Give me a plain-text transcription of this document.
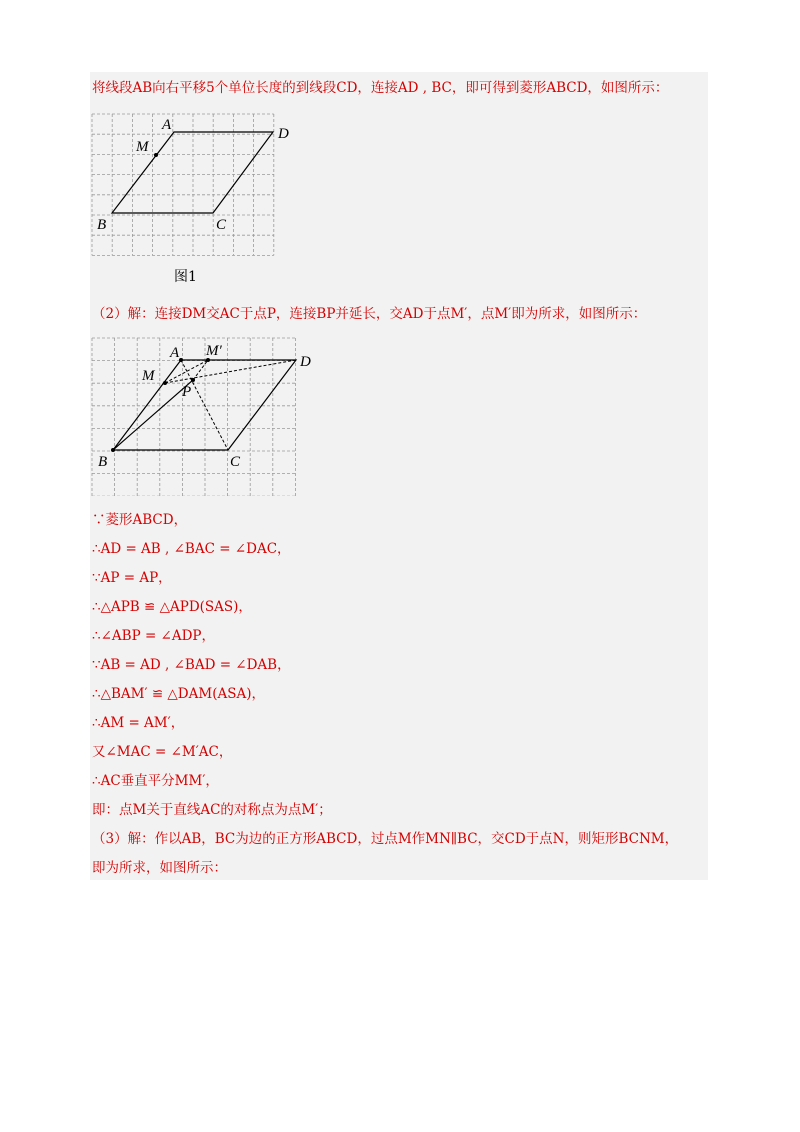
将线段AB向右平移5个单位长度的到线段CD，连接AD , BC，即可得到菱形ABCD，如图所示：
A
D
M
B	C
图1
（2）解：连接DM交AC于点P，连接BP并延长，交AD于点M′，点M′即为所求，如图所示：
A M′
D
M
P
B	C
∵菱形ABCD，
∴AD = AB , ∠BAC = ∠DAC，
∵AP = AP，
∴△APB ≌ △APD(SAS)，
∴∠ABP = ∠ADP，
∵AB = AD , ∠BAD = ∠DAB，
∴△BAM′ ≌ △DAM(ASA)，
∴AM = AM′，
又∠MAC = ∠M′AC，
∴AC垂直平分MM′，
即：点M关于直线AC的对称点为点M′；
（3）解：作以AB，BC为边的正方形ABCD，过点M作MN∥BC，交CD于点N，则矩形BCNM，
即为所求，如图所示：
